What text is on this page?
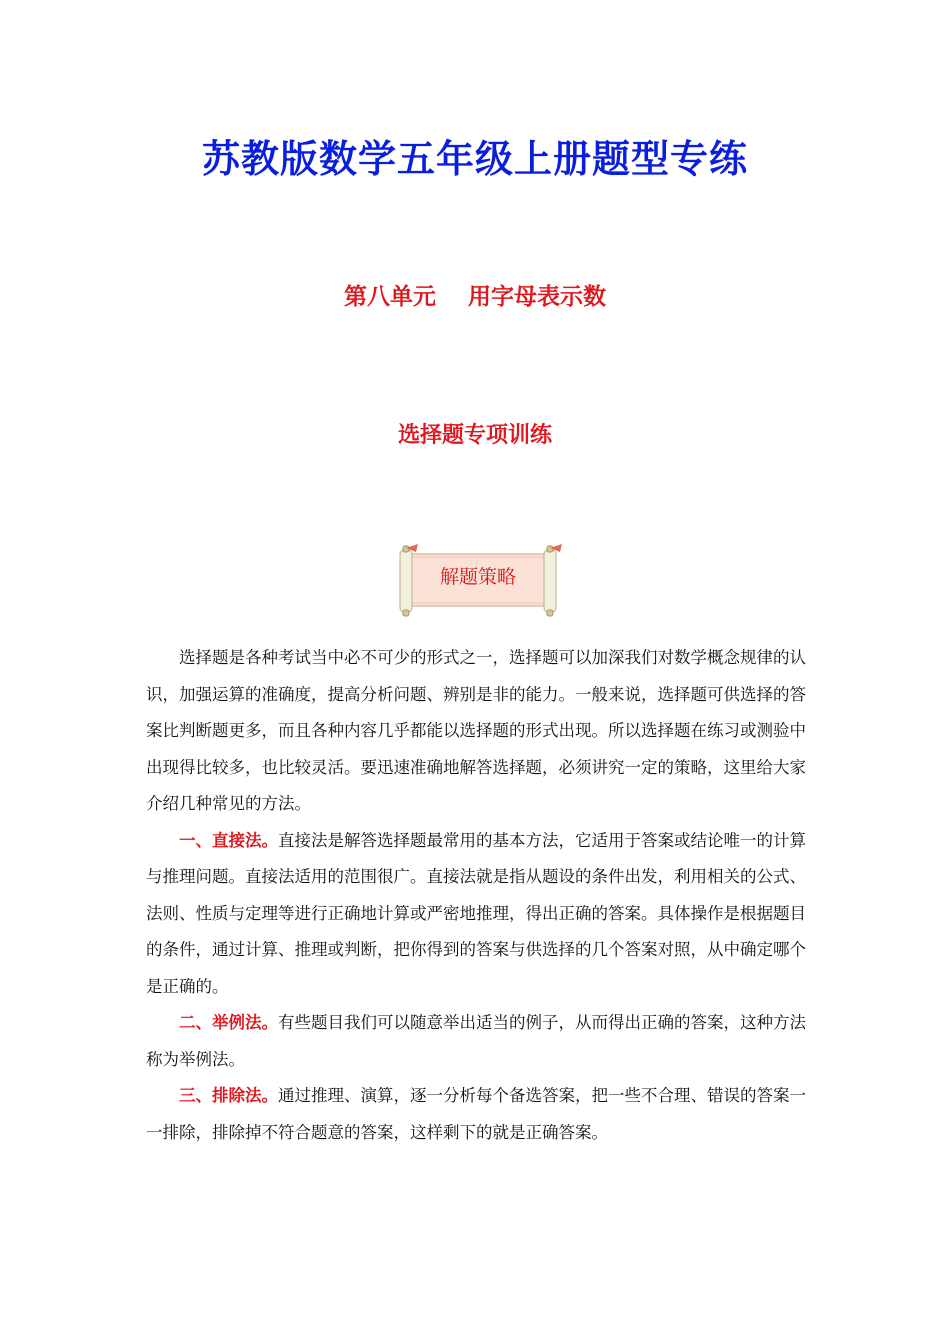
苏教版数学五年级上册题型专练
第八单元    用字母表示数
选择题专项训练
解题策略

选择题是各种考试当中必不可少的形式之一，选择题可以加深我们对数学概念规律的认识，加强运算的准确度，提高分析问题、辨别是非的能力。一般来说，选择题可供选择的答案比判断题更多，而且各种内容几乎都能以选择题的形式出现。所以选择题在练习或测验中出现得比较多，也比较灵活。要迅速准确地解答选择题，必须讲究一定的策略，这里给大家介绍几种常见的方法。

一、直接法。直接法是解答选择题最常用的基本方法，它适用于答案或结论唯一的计算与推理问题。直接法适用的范围很广。直接法就是指从题设的条件出发，利用相关的公式、法则、性质与定理等进行正确地计算或严密地推理，得出正确的答案。具体操作是根据题目的条件，通过计算、推理或判断，把你得到的答案与供选择的几个答案对照，从中确定哪个是正确的。

二、举例法。有些题目我们可以随意举出适当的例子，从而得出正确的答案，这种方法称为举例法。

三、排除法。通过推理、演算，逐一分析每个备选答案，把一些不合理、错误的答案一一排除，排除掉不符合题意的答案，这样剩下的就是正确答案。
